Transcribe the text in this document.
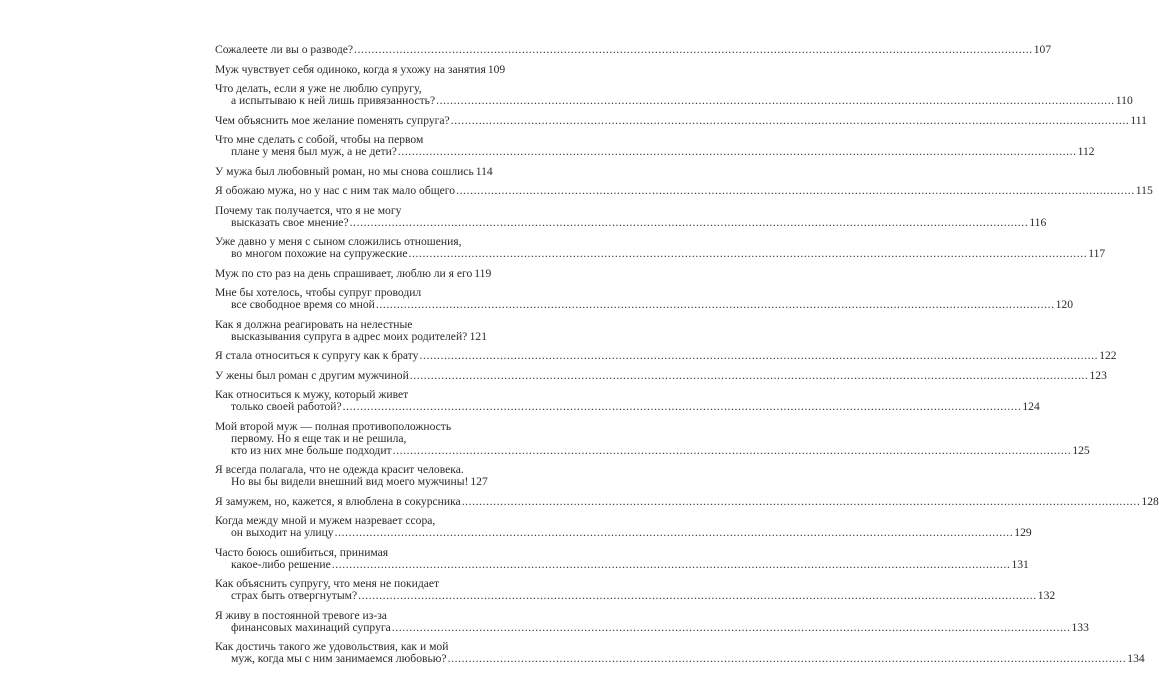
Сожалеете ли вы о разводе? .....	107
Муж чувствует себя одиноко, когда я ухожу на занятия 109
Что делать, если я уже не люблю супругу,
а испытываю к ней лишь привязанность? .....	110
Чем объяснить мое желание поменять супруга? .....	111
Что мне сделать с собой, чтобы на первом
плане у меня был муж, а не дети? .....	112
У мужа был любовный роман, но мы снова сошлись 114
Я обожаю мужа, но у нас с ним так мало общего .....	115
Почему так получается, что я не могу
высказать свое мнение? .....	116
Уже давно у меня с сыном сложились отношения,
во многом похожие на супружеские .....	117
Муж по сто раз на день спрашивает, люблю ли я его 119
Мне бы хотелось, чтобы супруг проводил
все свободное время со мной .....	120
Как я должна реагировать на нелестные
высказывания супруга в адрес моих родителей? ..... 121
Я стала относиться к супругу как к брату .....	122
У жены был роман с другим мужчиной .....	123
Как относиться к мужу, который живет
только своей работой? .....	124
Мой второй муж — полная противоположность
первому. Но я еще так и не решила,
кто из них мне больше подходит .....	125
Я всегда полагала, что не одежда красит человека.
Но вы бы видели внешний вид моего мужчины! 127
Я замужем, но, кажется, я влюблена в сокурсника .....	128
Когда между мной и мужем назревает ссора,
он выходит на улицу .....	129
Часто боюсь ошибиться, принимая
какое-либо решение .....	131
Как объяснить супругу, что меня не покидает
страх быть отвергнутым? .....	132
Я живу в постоянной тревоге из-за
финансовых махинаций супруга .....	133
Как достичь такого же удовольствия, как и мой
муж, когда мы с ним занимаемся любовью? .....	134
